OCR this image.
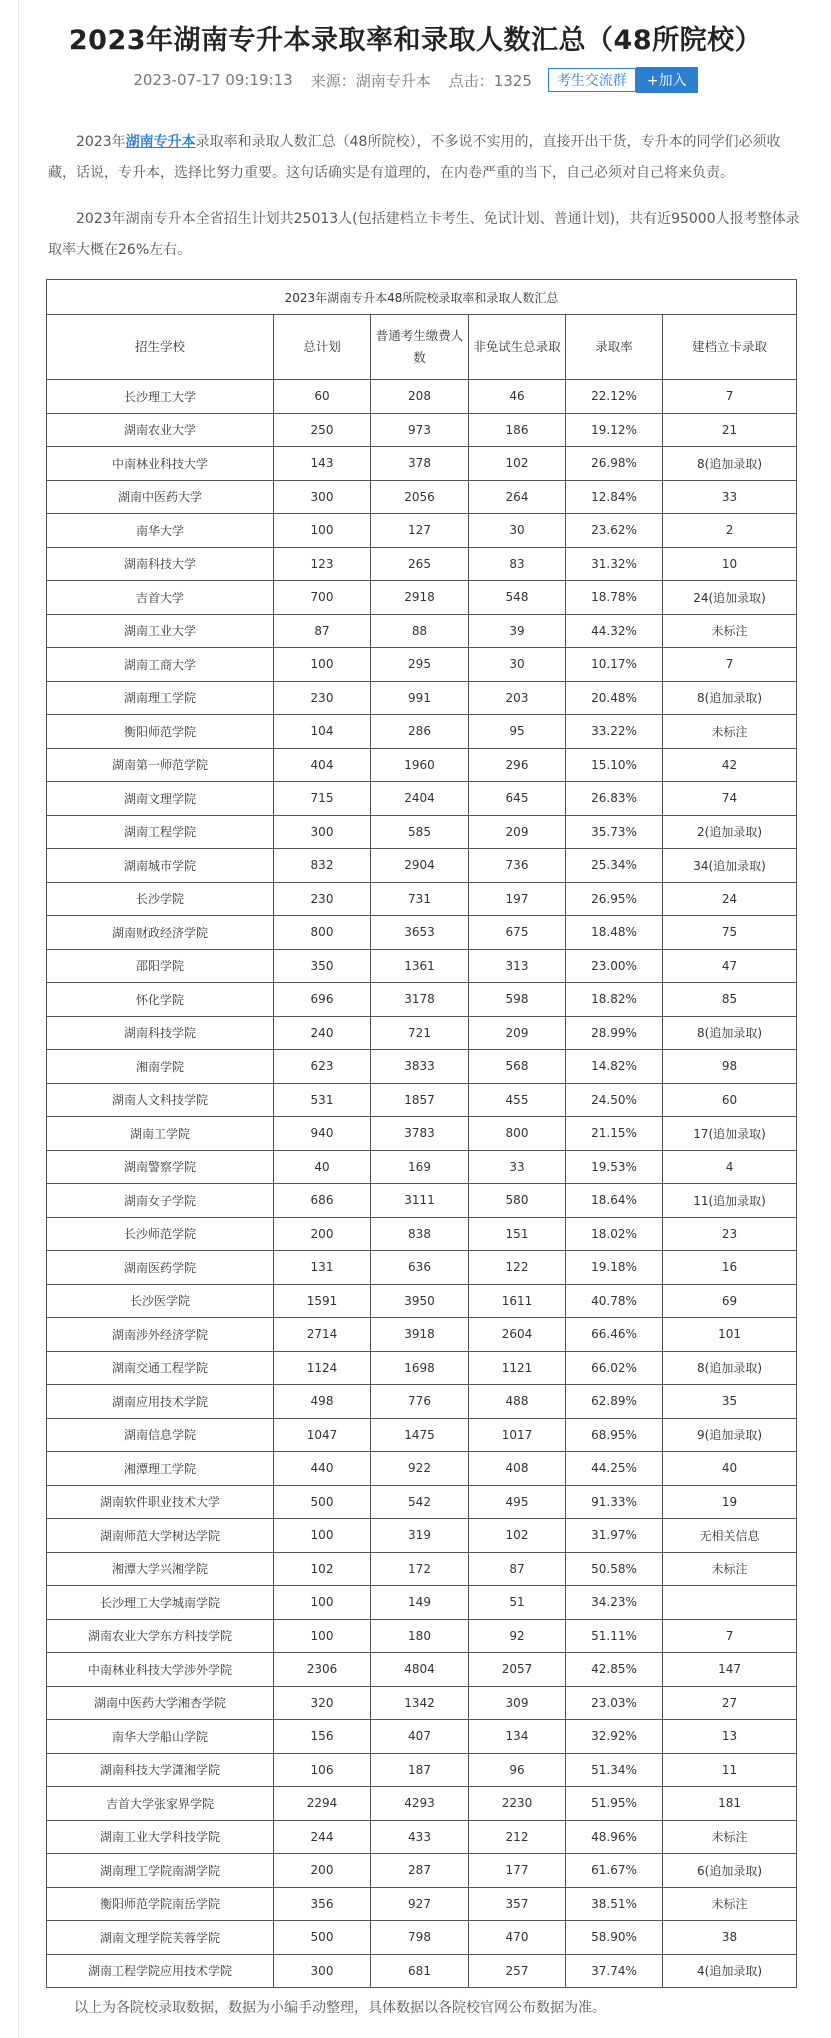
2023年湖南专升本录取率和录取人数汇总（48所院校）
2023-07-17 09:19:13 来源：湖南专升本 点击：1325	考生交流群	+加入

2023年湖南专升本录取率和录取人数汇总（48所院校），不多说不实用的，直接开出干货，专升本的同学们必须收藏，话说，专升本，选择比努力重要。这句话确实是有道理的，在内卷严重的当下，自己必须对自己将来负责。

2023年湖南专升本全省招生计划共25013人(包括建档立卡考生、免试计划、普通计划)，共有近95000人报考整体录取率大概在26%左右。

2023年湖南专升本48所院校录取率和录取人数汇总					
招生学校	总计划	普通考生缴费人数	非免试生总录取	录取率	建档立卡录取
长沙理工大学	60	208	46	22.12%	7
湖南农业大学	250	973	186	19.12%	21
中南林业科技大学	143	378	102	26.98%	8(追加录取)
湖南中医药大学	300	2056	264	12.84%	33
南华大学	100	127	30	23.62%	2
湖南科技大学	123	265	83	31.32%	10
吉首大学	700	2918	548	18.78%	24(追加录取)
湖南工业大学	87	88	39	44.32%	未标注
湖南工商大学	100	295	30	10.17%	7
湖南理工学院	230	991	203	20.48%	8(追加录取)
衡阳师范学院	104	286	95	33.22%	未标注
湖南第一师范学院	404	1960	296	15.10%	42
湖南文理学院	715	2404	645	26.83%	74
湖南工程学院	300	585	209	35.73%	2(追加录取)
湖南城市学院	832	2904	736	25.34%	34(追加录取)
长沙学院	230	731	197	26.95%	24
湖南财政经济学院	800	3653	675	18.48%	75
邵阳学院	350	1361	313	23.00%	47
怀化学院	696	3178	598	18.82%	85
湖南科技学院	240	721	209	28.99%	8(追加录取)
湘南学院	623	3833	568	14.82%	98
湖南人文科技学院	531	1857	455	24.50%	60
湖南工学院	940	3783	800	21.15%	17(追加录取)
湖南警察学院	40	169	33	19.53%	4
湖南女子学院	686	3111	580	18.64%	11(追加录取)
长沙师范学院	200	838	151	18.02%	23
湖南医药学院	131	636	122	19.18%	16
长沙医学院	1591	3950	1611	40.78%	69
湖南涉外经济学院	2714	3918	2604	66.46%	101
湖南交通工程学院	1124	1698	1121	66.02%	8(追加录取)
湖南应用技术学院	498	776	488	62.89%	35
湖南信息学院	1047	1475	1017	68.95%	9(追加录取)
湘潭理工学院	440	922	408	44.25%	40
湖南软件职业技术大学	500	542	495	91.33%	19
湖南师范大学树达学院	100	319	102	31.97%	无相关信息
湘潭大学兴湘学院	102	172	87	50.58%	未标注
长沙理工大学城南学院	100	149	51	34.23%	
湖南农业大学东方科技学院	100	180	92	51.11%	7
中南林业科技大学涉外学院	2306	4804	2057	42.85%	147
湖南中医药大学湘杏学院	320	1342	309	23.03%	27
南华大学船山学院	156	407	134	32.92%	13
湖南科技大学潇湘学院	106	187	96	51.34%	11
吉首大学张家界学院	2294	4293	2230	51.95%	181
湖南工业大学科技学院	244	433	212	48.96%	未标注
湖南理工学院南湖学院	200	287	177	61.67%	6(追加录取)
衡阳师范学院南岳学院	356	927	357	38.51%	未标注
湖南文理学院芙蓉学院	500	798	470	58.90%	38
湖南工程学院应用技术学院	300	681	257	37.74%	4(追加录取)
以上为各院校录取数据，数据为小编手动整理，具体数据以各院校官网公布数据为准。
